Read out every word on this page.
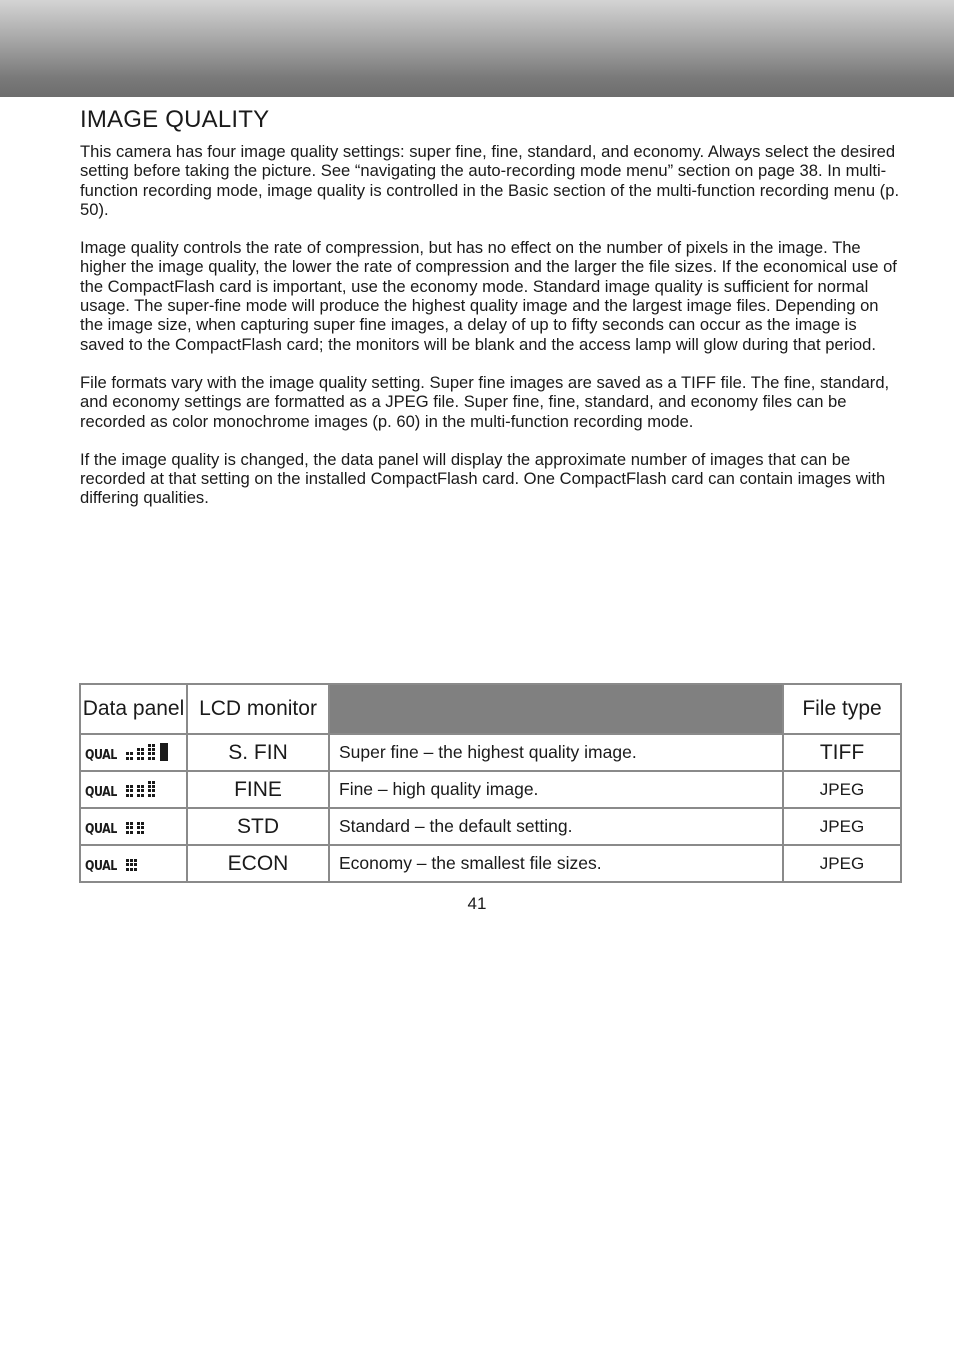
IMAGE QUALITY

This camera has four image quality settings: super fine, fine, standard, and economy. Always select the desired setting before taking the picture. See “navigating the auto-recording mode menu” section on page 38. In multi-function recording mode, image quality is controlled in the Basic section of the multi-function recording menu (p. 50).

Image quality controls the rate of compression, but has no effect on the number of pixels in the image. The higher the image quality, the lower the rate of compression and the larger the file sizes. If the economical use of the CompactFlash card is important, use the economy mode. Standard image quality is sufficient for normal usage. The super-fine mode will produce the highest quality image and the largest image files. Depending on the image size, when capturing super fine images, a delay of up to fifty seconds can occur as the image is saved to the CompactFlash card; the monitors will be blank and the access lamp will glow during that period.

File formats vary with the image quality setting. Super fine images are saved as a TIFF file. The fine, standard, and economy settings are formatted as a JPEG file. Super fine, fine, standard, and economy files can be recorded as color monochrome images (p. 60) in the multi-function recording mode.

If the image quality is changed, the data panel will display the approximate number of images that can be recorded at that setting on the installed CompactFlash card. One CompactFlash card can contain images with differing qualities.

Data panel	LCD monitor		File type

QUAL	S. FIN	Super fine – the highest quality image.	TIFF

QUAL	FINE	Fine – high quality image.	JPEG

QUAL	STD	Standard – the default setting.	JPEG

QUAL	ECON	Economy – the smallest file sizes.	JPEG
41
